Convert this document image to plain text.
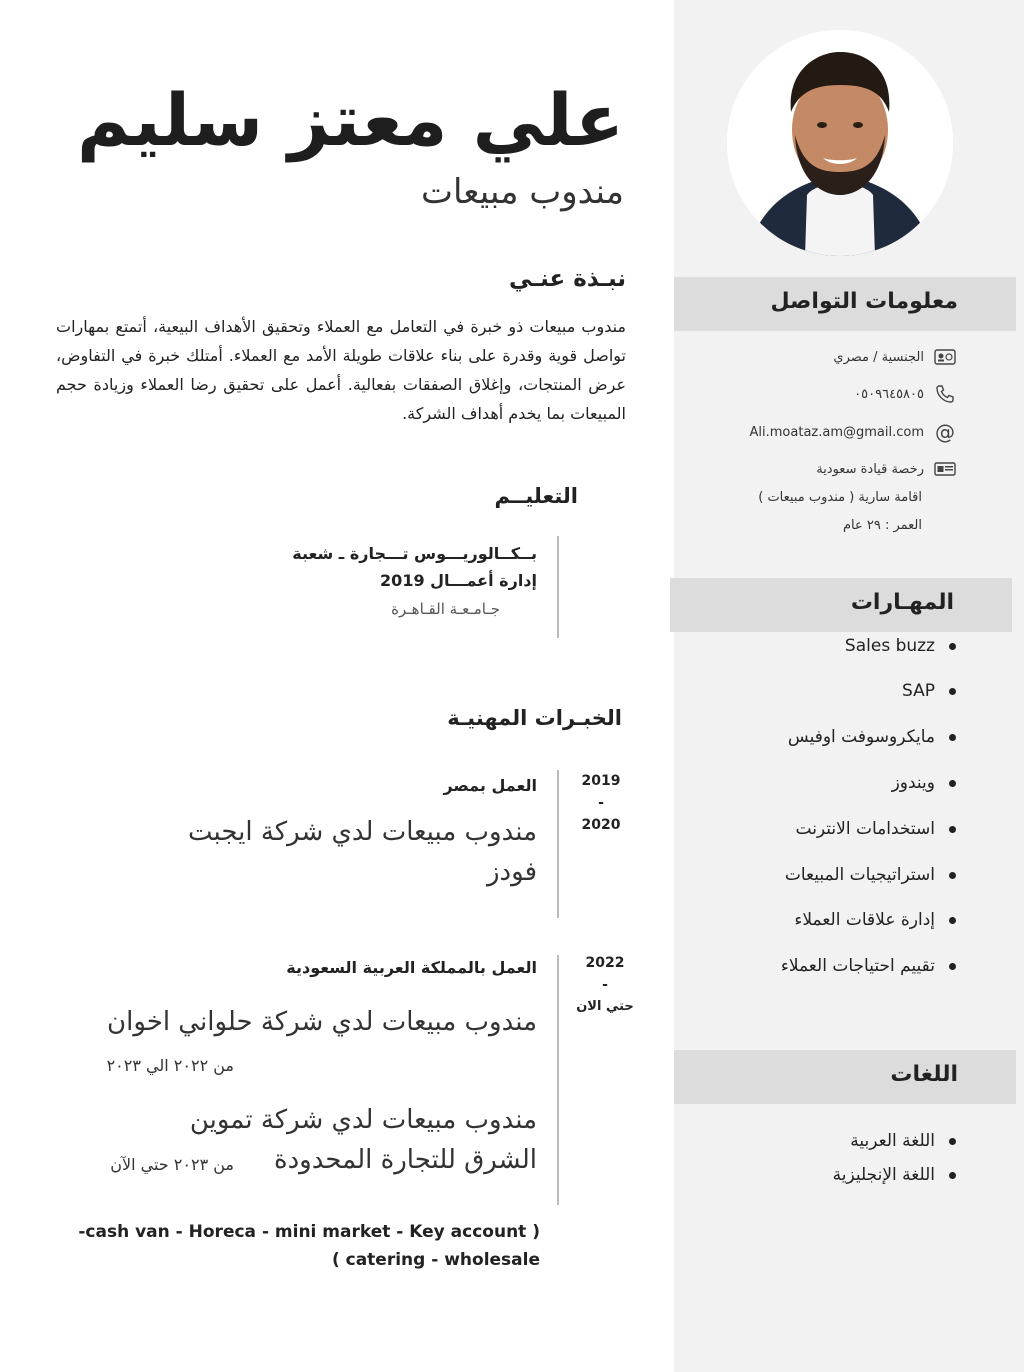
معلومات التواصل
الجنسية / مصري
٠٥٠٩٦٤٥٨٠٥
@
Ali.moataz.am@gmail.com
رخصة قيادة سعودية
اقامة سارية ( مندوب مبيعات )
العمر : ٢٩ عام
المهـارات
Sales buzz
SAP
مايكروسوفت اوفيس
ويندوز
استخدامات الانترنت
استراتيجيات المبيعات
إدارة علاقات العملاء
تقييم احتياجات العملاء
اللغات
اللغة العربية
اللغة الإنجليزية
علي معتز سليم
مندوب مبيعات
نبـذة عنـي
مندوب مبيعات ذو خبرة في التعامل مع العملاء وتحقيق الأهداف البيعية، أتمتع بمهارات تواصل قوية وقدرة على بناء علاقات طويلة الأمد مع العملاء. أمتلك خبرة في التفاوض، عرض المنتجات، وإغلاق الصفقات بفعالية. أعمل على تحقيق رضا العملاء وزيادة حجم المبيعات بما يخدم أهداف الشركة.
التعليــم
بــكــالوريـــوس تـــجارة ـ شعبة
إدارة أعمـــال 2019
جـامـعـة القـاهـرة
الخبـرات المهنيـة
2019
-
2020
العمل بمصر
مندوب مبيعات لدي شركة ايجبت فودز
2022
-
حتي الان
العمل بالمملكة العربية السعودية
مندوب مبيعات لدي شركة حلواني اخوان
من ٢٠٢٢ الي ٢٠٢٣
مندوب مبيعات لدي شركة تموين الشرق للتجارة المحدودة
من ٢٠٢٣ حتي الآن
-cash van - Horeca - mini market - Key account )
( catering - wholesale
